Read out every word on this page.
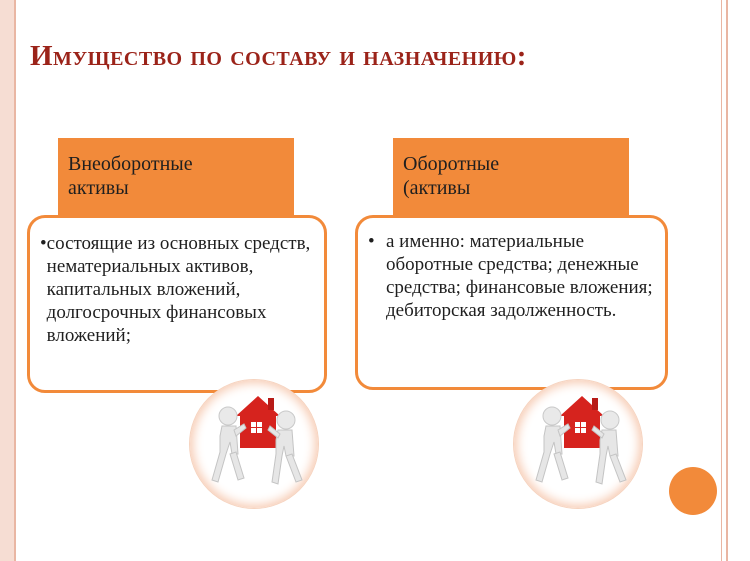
Имущество по составу и назначению:
Внеоборотные
активы
• состоящие из основных средств, нематериальных активов, капитальных вложений, долгосрочных финансовых вложений;
Оборотные
(активы
• а именно: материальные оборотные средства; денежные средства; финансовые вложения; дебиторская задолженность.
